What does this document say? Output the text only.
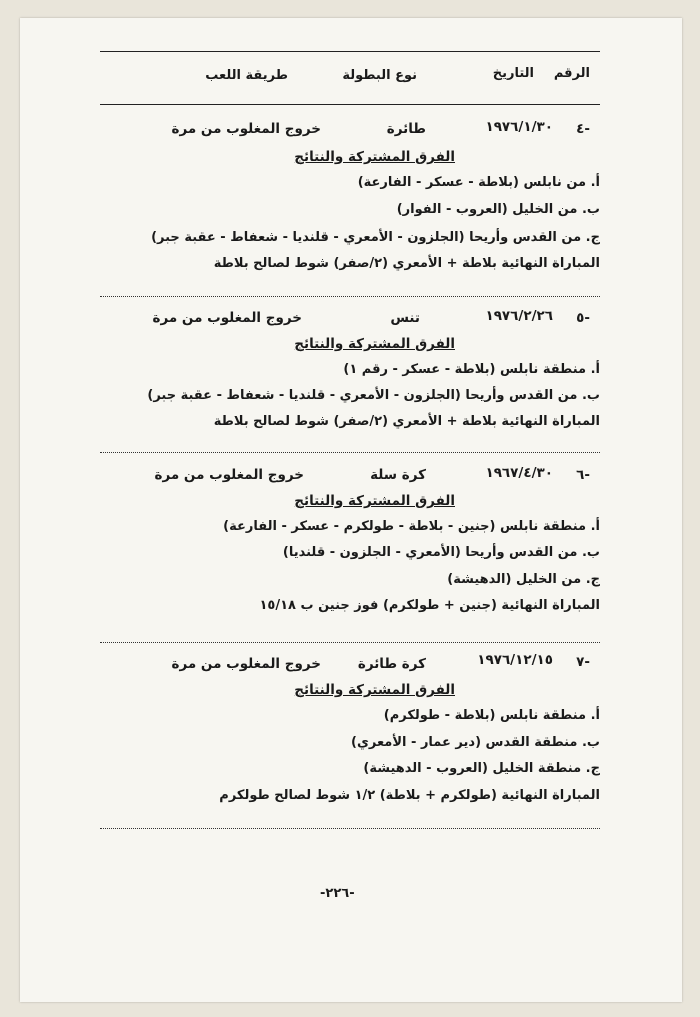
الرقم
التاريخ
نوع البطولة
طريقة اللعب
٤-
١٩٧٦/١/٣٠
طائرة
خروج المغلوب من مرة
الفرق المشتركة والنتائج
أ. من نابلس (بلاطة - عسكر - الفارعة)
ب. من الخليل (العروب - الفوار)
ج. من القدس وأريحا (الجلزون - الأمعري - قلنديا - شعفاط - عقبة جبر)
المباراة النهائية بلاطة + الأمعري (٢/صفر) شوط لصالح بلاطة
٥-
١٩٧٦/٢/٢٦
تنس
خروج المغلوب من مرة
الفرق المشتركة والنتائج
أ. منطقة نابلس (بلاطة - عسكر - رقم ١)
ب. من القدس وأريحا (الجلزون - الأمعري - قلنديا - شعفاط - عقبة جبر)
المباراة النهائية بلاطة + الأمعري (٢/صفر) شوط لصالح بلاطة
٦-
١٩٦٧/٤/٣٠
كرة سلة
خروج المغلوب من مرة
الفرق المشتركة والنتائج
أ. منطقة نابلس (جنين - بلاطة - طولكرم - عسكر - الفارعة)
ب. من القدس وأريحا (الأمعري - الجلزون - قلنديا)
ج. من الخليل (الدهيشة)
المباراة النهائية (جنين + طولكرم) فوز جنين ب ١٥/١٨
٧-
١٩٧٦/١٢/١٥
كرة طائرة
خروج المغلوب من مرة
الفرق المشتركة والنتائج
أ. منطقة نابلس (بلاطة - طولكرم)
ب. منطقة القدس (دير عمار - الأمعري)
ج. منطقة الخليل (العروب - الدهيشة)
المباراة النهائية (طولكرم + بلاطة) ١/٢ شوط لصالح طولكرم
-٢٢٦-
